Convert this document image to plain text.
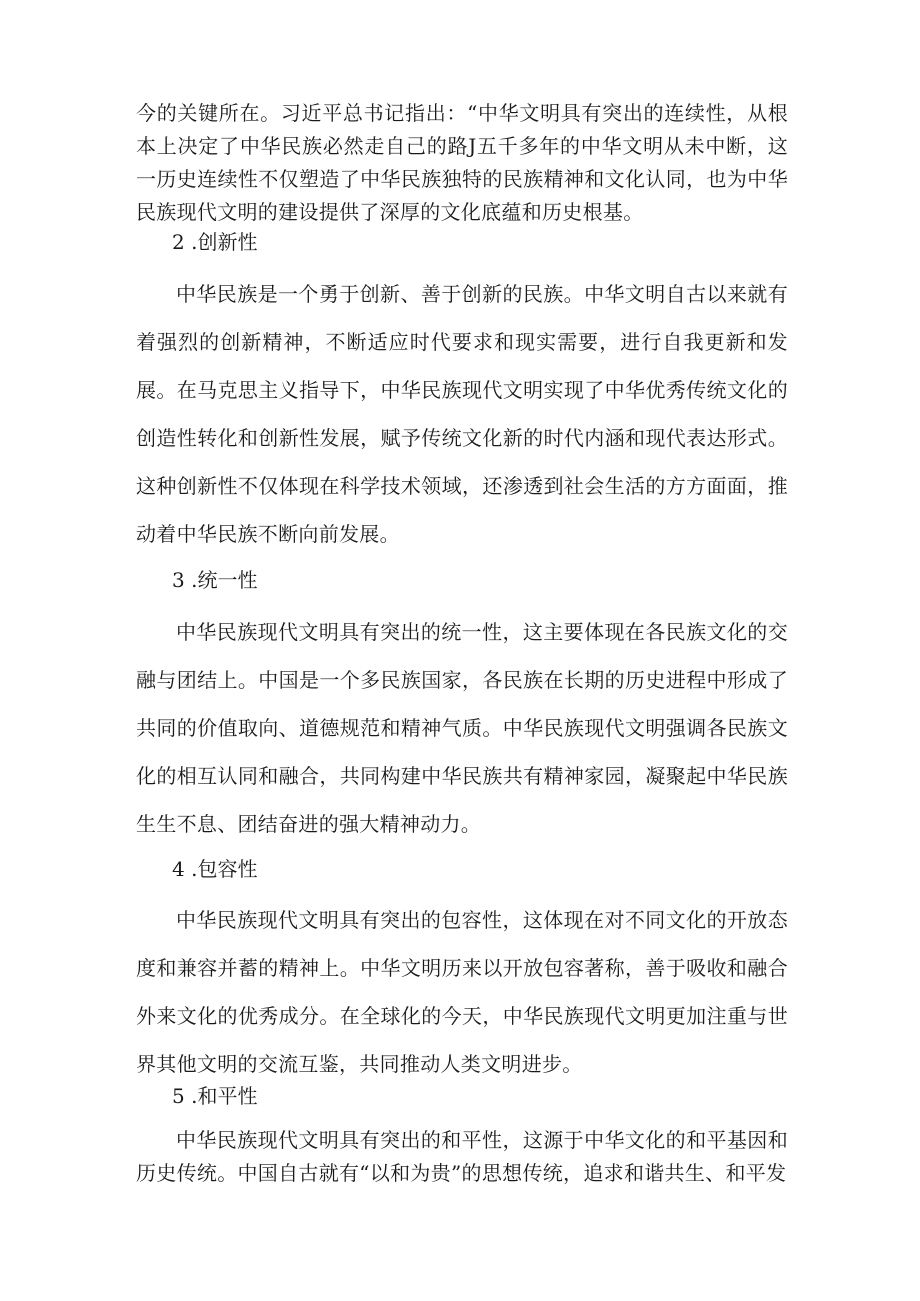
今的关键所在。习近平总书记指出：“中华文明具有突出的连续性，从根本上决定了中华民族必然走自己的路J五千多年的中华文明从未中断，这一历史连续性不仅塑造了中华民族独特的民族精神和文化认同，也为中华民族现代文明的建设提供了深厚的文化底蕴和历史根基。

2 .创新性

中华民族是一个勇于创新、善于创新的民族。中华文明自古以来就有着强烈的创新精神，不断适应时代要求和现实需要，进行自我更新和发展。在马克思主义指导下，中华民族现代文明实现了中华优秀传统文化的创造性转化和创新性发展，赋予传统文化新的时代内涵和现代表达形式。这种创新性不仅体现在科学技术领域，还渗透到社会生活的方方面面，推动着中华民族不断向前发展。

3 .统一性

中华民族现代文明具有突出的统一性，这主要体现在各民族文化的交融与团结上。中国是一个多民族国家，各民族在长期的历史进程中形成了共同的价值取向、道德规范和精神气质。中华民族现代文明强调各民族文化的相互认同和融合，共同构建中华民族共有精神家园，凝聚起中华民族生生不息、团结奋进的强大精神动力。

4 .包容性

中华民族现代文明具有突出的包容性，这体现在对不同文化的开放态度和兼容并蓄的精神上。中华文明历来以开放包容著称，善于吸收和融合外来文化的优秀成分。在全球化的今天，中华民族现代文明更加注重与世界其他文明的交流互鉴，共同推动人类文明进步。

5 .和平性

中华民族现代文明具有突出的和平性，这源于中华文化的和平基因和历史传统。中国自古就有“以和为贵”的思想传统，追求和谐共生、和平发
